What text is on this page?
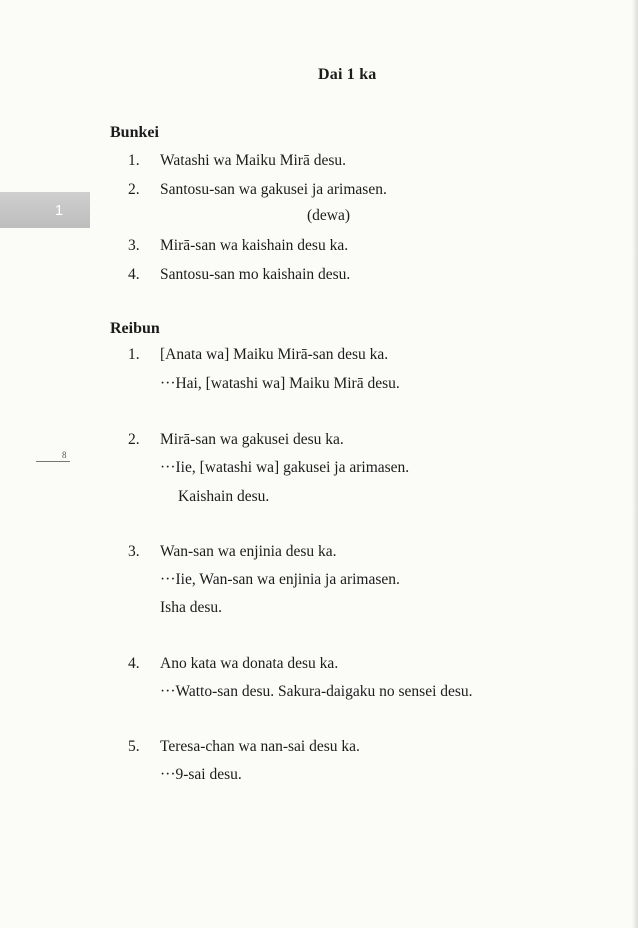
Dai 1 ka
1
8
Bunkei
1. Watashi wa Maiku Mirā desu.
2. Santosu-san wa gakusei ja arimasen.
(dewa)
3. Mirā-san wa kaishain desu ka.
4. Santosu-san mo kaishain desu.
Reibun
1. [Anata wa] Maiku Mirā-san desu ka.
···Hai, [watashi wa] Maiku Mirā desu.
2. Mirā-san wa gakusei desu ka.
···Iie, [watashi wa] gakusei ja arimasen.
Kaishain desu.
3. Wan-san wa enjinia desu ka.
···Iie, Wan-san wa enjinia ja arimasen.
Isha desu.
4. Ano kata wa donata desu ka.
···Watto-san desu. Sakura-daigaku no sensei desu.
5. Teresa-chan wa nan-sai desu ka.
···9-sai desu.
